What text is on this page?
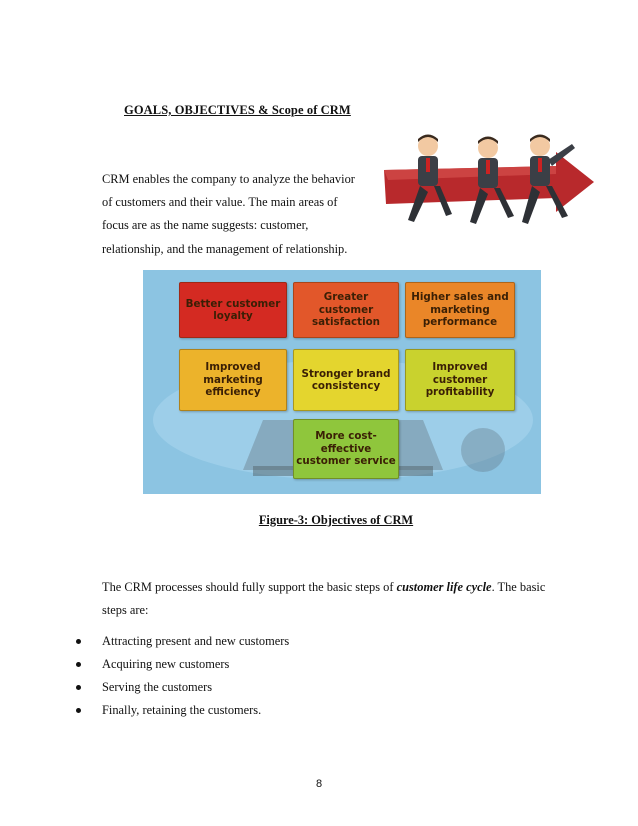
GOALS, OBJECTIVES & Scope of CRM
CRM enables the company to analyze the behavior
of customers and their value. The main areas of
focus are as the name suggests: customer,
relationship, and the management of relationship.
Better customer
loyalty
Greater
customer
satisfaction
Higher sales and
marketing
performance
Improved
marketing
efficiency
Stronger brand
consistency
Improved
customer
profitability
More cost-
effective
customer service
Figure-3: Objectives of CRM
The CRM processes should fully support the basic steps of customer life cycle. The basic
steps are:
Attracting present and new customers
Acquiring new customers
Serving the customers
Finally, retaining the customers.
8
